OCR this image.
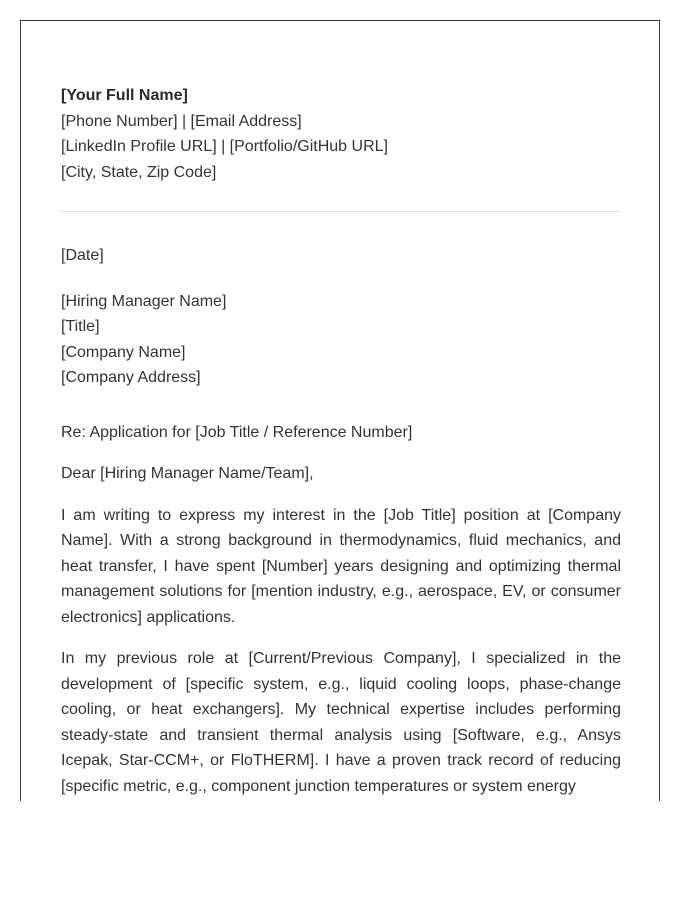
[Your Full Name]
[Phone Number] | [Email Address]
[LinkedIn Profile URL] | [Portfolio/GitHub URL]
[City, State, Zip Code]
[Date]
[Hiring Manager Name]
[Title]
[Company Name]
[Company Address]
Re: Application for [Job Title / Reference Number]
Dear [Hiring Manager Name/Team],

I am writing to express my interest in the [Job Title] position at [Company Name]. With a strong background in thermodynamics, fluid mechanics, and heat transfer, I have spent [Number] years designing and optimizing thermal management solutions for [mention industry, e.g., aerospace, EV, or consumer electronics] applications.

In my previous role at [Current/Previous Company], I specialized in the development of [specific system, e.g., liquid cooling loops, phase-change cooling, or heat exchangers]. My technical expertise includes performing steady-state and transient thermal analysis using [Software, e.g., Ansys Icepak, Star-CCM+, or FloTHERM]. I have a proven track record of reducing [specific metric, e.g., component junction temperatures or system energy
